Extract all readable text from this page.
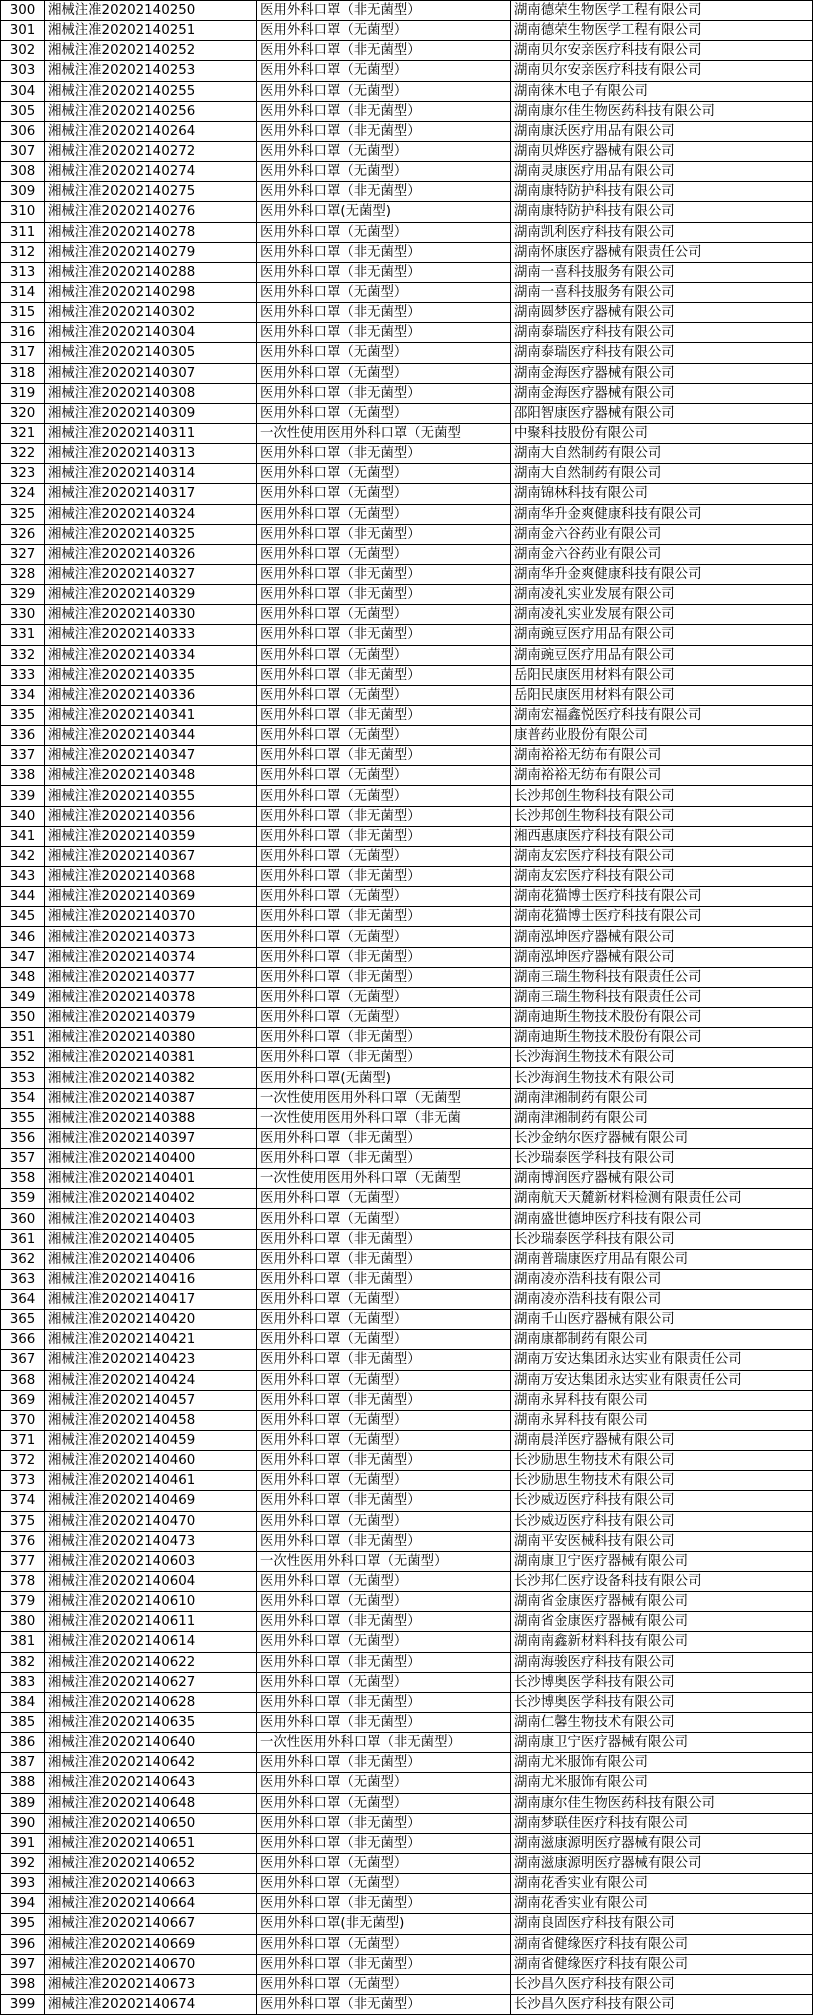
300	湘械注准20202140250	医用外科口罩（非无菌型）	湖南德荣生物医学工程有限公司
301	湘械注准20202140251	医用外科口罩（无菌型）	湖南德荣生物医学工程有限公司
302	湘械注准20202140252	医用外科口罩（非无菌型）	湖南贝尔安亲医疗科技有限公司
303	湘械注准20202140253	医用外科口罩（无菌型）	湖南贝尔安亲医疗科技有限公司
304	湘械注准20202140255	医用外科口罩（无菌型）	湖南徕木电子有限公司
305	湘械注准20202140256	医用外科口罩（非无菌型）	湖南康尔佳生物医药科技有限公司
306	湘械注准20202140264	医用外科口罩（非无菌型）	湖南康沃医疗用品有限公司
307	湘械注准20202140272	医用外科口罩（无菌型）	湖南贝烨医疗器械有限公司
308	湘械注准20202140274	医用外科口罩（无菌型）	湖南灵康医疗用品有限公司
309	湘械注准20202140275	医用外科口罩（非无菌型）	湖南康特防护科技有限公司
310	湘械注准20202140276	医用外科口罩(无菌型)	湖南康特防护科技有限公司
311	湘械注准20202140278	医用外科口罩（无菌型）	湖南凯利医疗科技有限公司
312	湘械注准20202140279	医用外科口罩（非无菌型）	湖南怀康医疗器械有限责任公司
313	湘械注准20202140288	医用外科口罩（非无菌型）	湖南一喜科技服务有限公司
314	湘械注准20202140298	医用外科口罩（无菌型）	湖南一喜科技服务有限公司
315	湘械注准20202140302	医用外科口罩（非无菌型）	湖南圆梦医疗器械有限公司
316	湘械注准20202140304	医用外科口罩（非无菌型）	湖南泰瑞医疗科技有限公司
317	湘械注准20202140305	医用外科口罩（无菌型）	湖南泰瑞医疗科技有限公司
318	湘械注准20202140307	医用外科口罩（无菌型）	湖南金海医疗器械有限公司
319	湘械注准20202140308	医用外科口罩（非无菌型）	湖南金海医疗器械有限公司
320	湘械注准20202140309	医用外科口罩（无菌型）	邵阳智康医疗器械有限公司
321	湘械注准20202140311	一次性使用医用外科口罩（无菌型	中聚科技股份有限公司
322	湘械注准20202140313	医用外科口罩（非无菌型）	湖南大自然制药有限公司
323	湘械注准20202140314	医用外科口罩（无菌型）	湖南大自然制药有限公司
324	湘械注准20202140317	医用外科口罩（无菌型）	湖南锦林科技有限公司
325	湘械注准20202140324	医用外科口罩（无菌型）	湖南华升金爽健康科技有限公司
326	湘械注准20202140325	医用外科口罩（非无菌型）	湖南金六谷药业有限公司
327	湘械注准20202140326	医用外科口罩（无菌型）	湖南金六谷药业有限公司
328	湘械注准20202140327	医用外科口罩（非无菌型）	湖南华升金爽健康科技有限公司
329	湘械注准20202140329	医用外科口罩（非无菌型）	湖南凌礼实业发展有限公司
330	湘械注准20202140330	医用外科口罩（无菌型）	湖南凌礼实业发展有限公司
331	湘械注准20202140333	医用外科口罩（非无菌型）	湖南豌豆医疗用品有限公司
332	湘械注准20202140334	医用外科口罩（无菌型）	湖南豌豆医疗用品有限公司
333	湘械注准20202140335	医用外科口罩（非无菌型）	岳阳民康医用材料有限公司
334	湘械注准20202140336	医用外科口罩（无菌型）	岳阳民康医用材料有限公司
335	湘械注准20202140341	医用外科口罩（非无菌型）	湖南宏福鑫悦医疗科技有限公司
336	湘械注准20202140344	医用外科口罩（无菌型）	康普药业股份有限公司
337	湘械注准20202140347	医用外科口罩（非无菌型）	湖南裕裕无纺布有限公司
338	湘械注准20202140348	医用外科口罩（无菌型）	湖南裕裕无纺布有限公司
339	湘械注准20202140355	医用外科口罩（无菌型）	长沙邦创生物科技有限公司
340	湘械注准20202140356	医用外科口罩（非无菌型）	长沙邦创生物科技有限公司
341	湘械注准20202140359	医用外科口罩（非无菌型）	湘西惠康医疗科技有限公司
342	湘械注准20202140367	医用外科口罩（无菌型）	湖南友宏医疗科技有限公司
343	湘械注准20202140368	医用外科口罩（非无菌型）	湖南友宏医疗科技有限公司
344	湘械注准20202140369	医用外科口罩（无菌型）	湖南花猫博士医疗科技有限公司
345	湘械注准20202140370	医用外科口罩（非无菌型）	湖南花猫博士医疗科技有限公司
346	湘械注准20202140373	医用外科口罩（无菌型）	湖南泓坤医疗器械有限公司
347	湘械注准20202140374	医用外科口罩（非无菌型）	湖南泓坤医疗器械有限公司
348	湘械注准20202140377	医用外科口罩（非无菌型）	湖南三瑞生物科技有限责任公司
349	湘械注准20202140378	医用外科口罩（无菌型）	湖南三瑞生物科技有限责任公司
350	湘械注准20202140379	医用外科口罩（无菌型）	湖南迪斯生物技术股份有限公司
351	湘械注准20202140380	医用外科口罩（非无菌型）	湖南迪斯生物技术股份有限公司
352	湘械注准20202140381	医用外科口罩（非无菌型）	长沙海润生物技术有限公司
353	湘械注准20202140382	医用外科口罩(无菌型)	长沙海润生物技术有限公司
354	湘械注准20202140387	一次性使用医用外科口罩（无菌型	湖南津湘制药有限公司
355	湘械注准20202140388	一次性使用医用外科口罩（非无菌	湖南津湘制药有限公司
356	湘械注准20202140397	医用外科口罩（非无菌型）	长沙金纳尔医疗器械有限公司
357	湘械注准20202140400	医用外科口罩（非无菌型）	长沙瑞泰医学科技有限公司
358	湘械注准20202140401	一次性使用医用外科口罩（无菌型	湖南博润医疗器械有限公司
359	湘械注准20202140402	医用外科口罩（无菌型）	湖南航天天麓新材料检测有限责任公司
360	湘械注准20202140403	医用外科口罩（无菌型）	湖南盛世德坤医疗科技有限公司
361	湘械注准20202140405	医用外科口罩（非无菌型）	长沙瑞泰医学科技有限公司
362	湘械注准20202140406	医用外科口罩（非无菌型）	湖南普瑞康医疗用品有限公司
363	湘械注准20202140416	医用外科口罩（非无菌型）	湖南凌亦浩科技有限公司
364	湘械注准20202140417	医用外科口罩（无菌型）	湖南凌亦浩科技有限公司
365	湘械注准20202140420	医用外科口罩（无菌型）	湖南千山医疗器械有限公司
366	湘械注准20202140421	医用外科口罩（无菌型）	湖南康都制药有限公司
367	湘械注准20202140423	医用外科口罩（非无菌型）	湖南万安达集团永达实业有限责任公司
368	湘械注准20202140424	医用外科口罩（无菌型）	湖南万安达集团永达实业有限责任公司
369	湘械注准20202140457	医用外科口罩（非无菌型）	湖南永昇科技有限公司
370	湘械注准20202140458	医用外科口罩（无菌型）	湖南永昇科技有限公司
371	湘械注准20202140459	医用外科口罩（无菌型）	湖南晨洋医疗器械有限公司
372	湘械注准20202140460	医用外科口罩（非无菌型）	长沙励思生物技术有限公司
373	湘械注准20202140461	医用外科口罩（无菌型）	长沙励思生物技术有限公司
374	湘械注准20202140469	医用外科口罩（非无菌型）	长沙威迈医疗科技有限公司
375	湘械注准20202140470	医用外科口罩（无菌型）	长沙威迈医疗科技有限公司
376	湘械注准20202140473	医用外科口罩（非无菌型）	湖南平安医械科技有限公司
377	湘械注准20202140603	一次性医用外科口罩（无菌型）	湖南康卫宁医疗器械有限公司
378	湘械注准20202140604	医用外科口罩（无菌型）	长沙邦仁医疗设备科技有限公司
379	湘械注准20202140610	医用外科口罩（无菌型）	湖南省金康医疗器械有限公司
380	湘械注准20202140611	医用外科口罩（非无菌型）	湖南省金康医疗器械有限公司
381	湘械注准20202140614	医用外科口罩（无菌型）	湖南南鑫新材料科技有限公司
382	湘械注准20202140622	医用外科口罩（非无菌型）	湖南海骏医疗科技有限公司
383	湘械注准20202140627	医用外科口罩（无菌型）	长沙博奥医学科技有限公司
384	湘械注准20202140628	医用外科口罩（非无菌型）	长沙博奥医学科技有限公司
385	湘械注准20202140635	医用外科口罩（非无菌型）	湖南仁馨生物技术有限公司
386	湘械注准20202140640	一次性医用外科口罩（非无菌型）	湖南康卫宁医疗器械有限公司
387	湘械注准20202140642	医用外科口罩（非无菌型）	湖南尤米服饰有限公司
388	湘械注准20202140643	医用外科口罩（无菌型）	湖南尤米服饰有限公司
389	湘械注准20202140648	医用外科口罩（无菌型）	湖南康尔佳生物医药科技有限公司
390	湘械注准20202140650	医用外科口罩（非无菌型）	湖南梦联佳医疗科技有限公司
391	湘械注准20202140651	医用外科口罩（非无菌型）	湖南滋康源明医疗器械有限公司
392	湘械注准20202140652	医用外科口罩（无菌型）	湖南滋康源明医疗器械有限公司
393	湘械注准20202140663	医用外科口罩（无菌型）	湖南花香实业有限公司
394	湘械注准20202140664	医用外科口罩（非无菌型）	湖南花香实业有限公司
395	湘械注准20202140667	医用外科口罩(非无菌型)	湖南良固医疗科技有限公司
396	湘械注准20202140669	医用外科口罩（无菌型）	湖南省健缘医疗科技有限公司
397	湘械注准20202140670	医用外科口罩（非无菌型）	湖南省健缘医疗科技有限公司
398	湘械注准20202140673	医用外科口罩（无菌型）	长沙昌久医疗科技有限公司
399	湘械注准20202140674	医用外科口罩（非无菌型）	长沙昌久医疗科技有限公司
